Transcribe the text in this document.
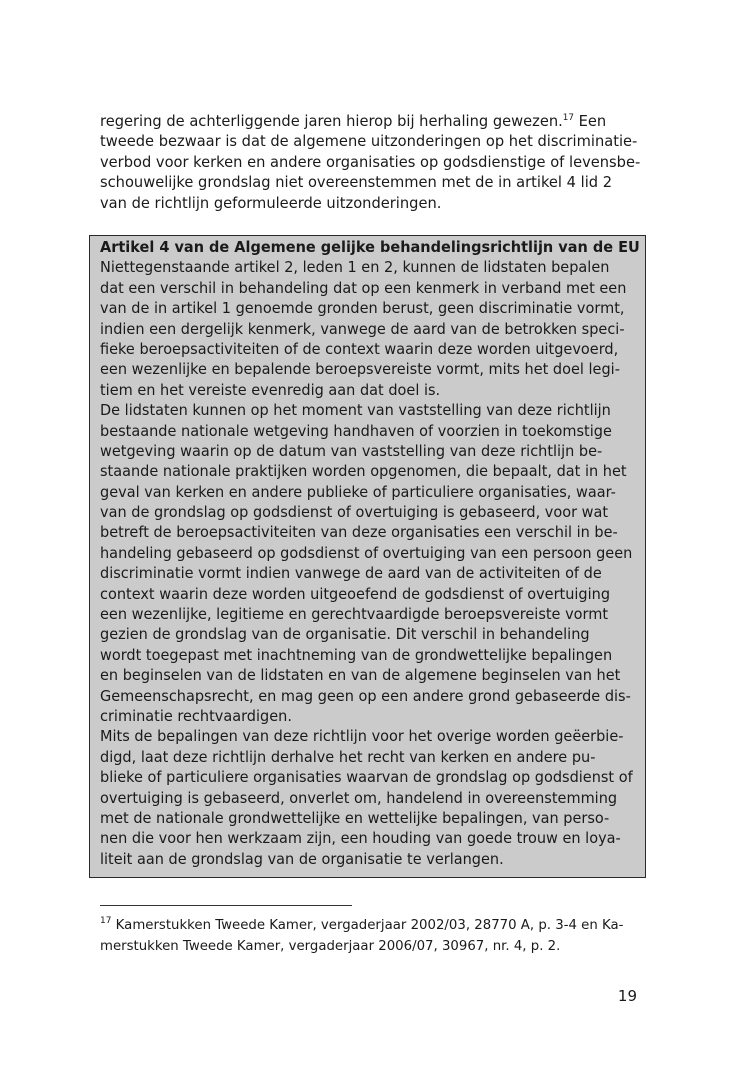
regering de achterliggende jaren hierop bij herhaling gewezen.$^{17}$ Een
tweede bezwaar is dat de algemene uitzonderingen op het discriminatie-
verbod voor kerken en andere organisaties op godsdienstige of levensbe-
schouwelijke grondslag niet overeenstemmen met de in artikel 4 lid 2
van de richtlijn geformuleerde uitzonderingen.
Artikel 4 van de Algemene gelijke behandelingsrichtlijn van de EU
Niettegenstaande artikel 2, leden 1 en 2, kunnen de lidstaten bepalen
dat een verschil in behandeling dat op een kenmerk in verband met een
van de in artikel 1 genoemde gronden berust, geen discriminatie vormt,
indien een dergelijk kenmerk, vanwege de aard van de betrokken speci-
fieke beroepsactiviteiten of de context waarin deze worden uitgevoerd,
een wezenlijke en bepalende beroepsvereiste vormt, mits het doel legi-
tiem en het vereiste evenredig aan dat doel is.
De lidstaten kunnen op het moment van vaststelling van deze richtlijn
bestaande nationale wetgeving handhaven of voorzien in toekomstige
wetgeving waarin op de datum van vaststelling van deze richtlijn be-
staande nationale praktijken worden opgenomen, die bepaalt, dat in het
geval van kerken en andere publieke of particuliere organisaties, waar-
van de grondslag op godsdienst of overtuiging is gebaseerd, voor wat
betreft de beroepsactiviteiten van deze organisaties een verschil in be-
handeling gebaseerd op godsdienst of overtuiging van een persoon geen
discriminatie vormt indien vanwege de aard van de activiteiten of de
context waarin deze worden uitgeoefend de godsdienst of overtuiging
een wezenlijke, legitieme en gerechtvaardigde beroepsvereiste vormt
gezien de grondslag van de organisatie. Dit verschil in behandeling
wordt toegepast met inachtneming van de grondwettelijke bepalingen
en beginselen van de lidstaten en van de algemene beginselen van het
Gemeenschapsrecht, en mag geen op een andere grond gebaseerde dis-
criminatie rechtvaardigen.
Mits de bepalingen van deze richtlijn voor het overige worden geëerbie-
digd, laat deze richtlijn derhalve het recht van kerken en andere pu-
blieke of particuliere organisaties waarvan de grondslag op godsdienst of
overtuiging is gebaseerd, onverlet om, handelend in overeenstemming
met de nationale grondwettelijke en wettelijke bepalingen, van perso-
nen die voor hen werkzaam zijn, een houding van goede trouw en loya-
liteit aan de grondslag van de organisatie te verlangen.
$^{17}$ Kamerstukken Tweede Kamer, vergaderjaar 2002/03, 28770 A, p. 3-4 en Ka-
merstukken Tweede Kamer, vergaderjaar 2006/07, 30967, nr. 4, p. 2.
19
